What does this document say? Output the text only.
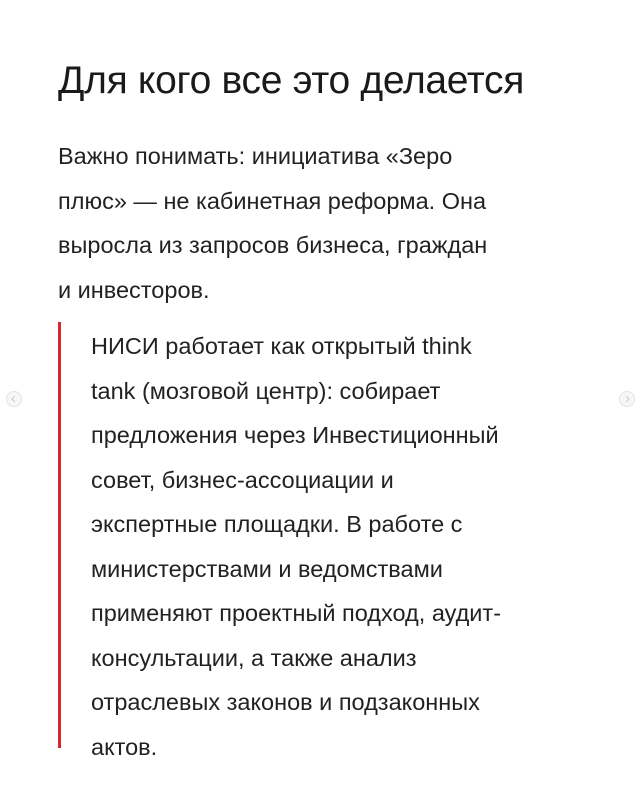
Для кого все это делается

Важно понимать: инициатива «Зеро
плюс» — не кабинетная реформа. Она
выросла из запросов бизнеса, граждан
и инвесторов.

НИСИ работает как открытый think
tank (мозговой центр): собирает
предложения через Инвестиционный
совет, бизнес-ассоциации и
экспертные площадки. В работе с
министерствами и ведомствами
применяют проектный подход, аудит-
консультации, а также анализ
отраслевых законов и подзаконных
актов.
